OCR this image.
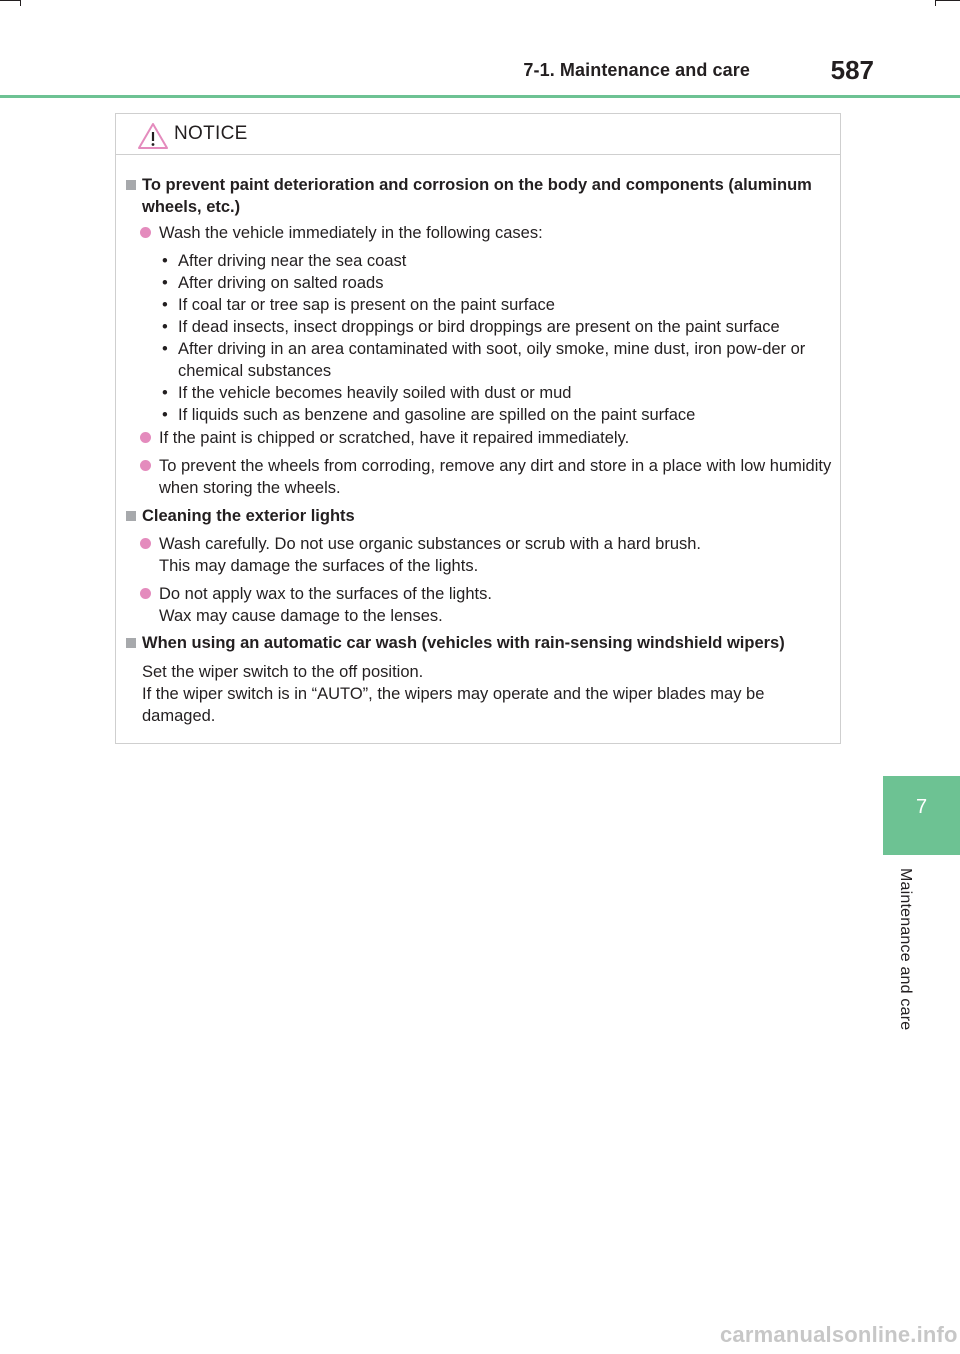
7-1. Maintenance and care	587
NOTICE
To prevent paint deterioration and corrosion on the body and components (aluminum wheels, etc.)
Wash the vehicle immediately in the following cases:
• After driving near the sea coast
• After driving on salted roads
• If coal tar or tree sap is present on the paint surface
• If dead insects, insect droppings or bird droppings are present on the paint surface
• After driving in an area contaminated with soot, oily smoke, mine dust, iron pow-der or chemical substances
• If the vehicle becomes heavily soiled with dust or mud
• If liquids such as benzene and gasoline are spilled on the paint surface
If the paint is chipped or scratched, have it repaired immediately.
To prevent the wheels from corroding, remove any dirt and store in a place with low humidity when storing the wheels.
Cleaning the exterior lights
Wash carefully. Do not use organic substances or scrub with a hard brush.
This may damage the surfaces of the lights.
Do not apply wax to the surfaces of the lights.
Wax may cause damage to the lenses.
When using an automatic car wash (vehicles with rain-sensing windshield wipers)
Set the wiper switch to the off position.
If the wiper switch is in “AUTO”, the wipers may operate and the wiper blades may be damaged.
7
Maintenance and care
carmanualsonline.info
